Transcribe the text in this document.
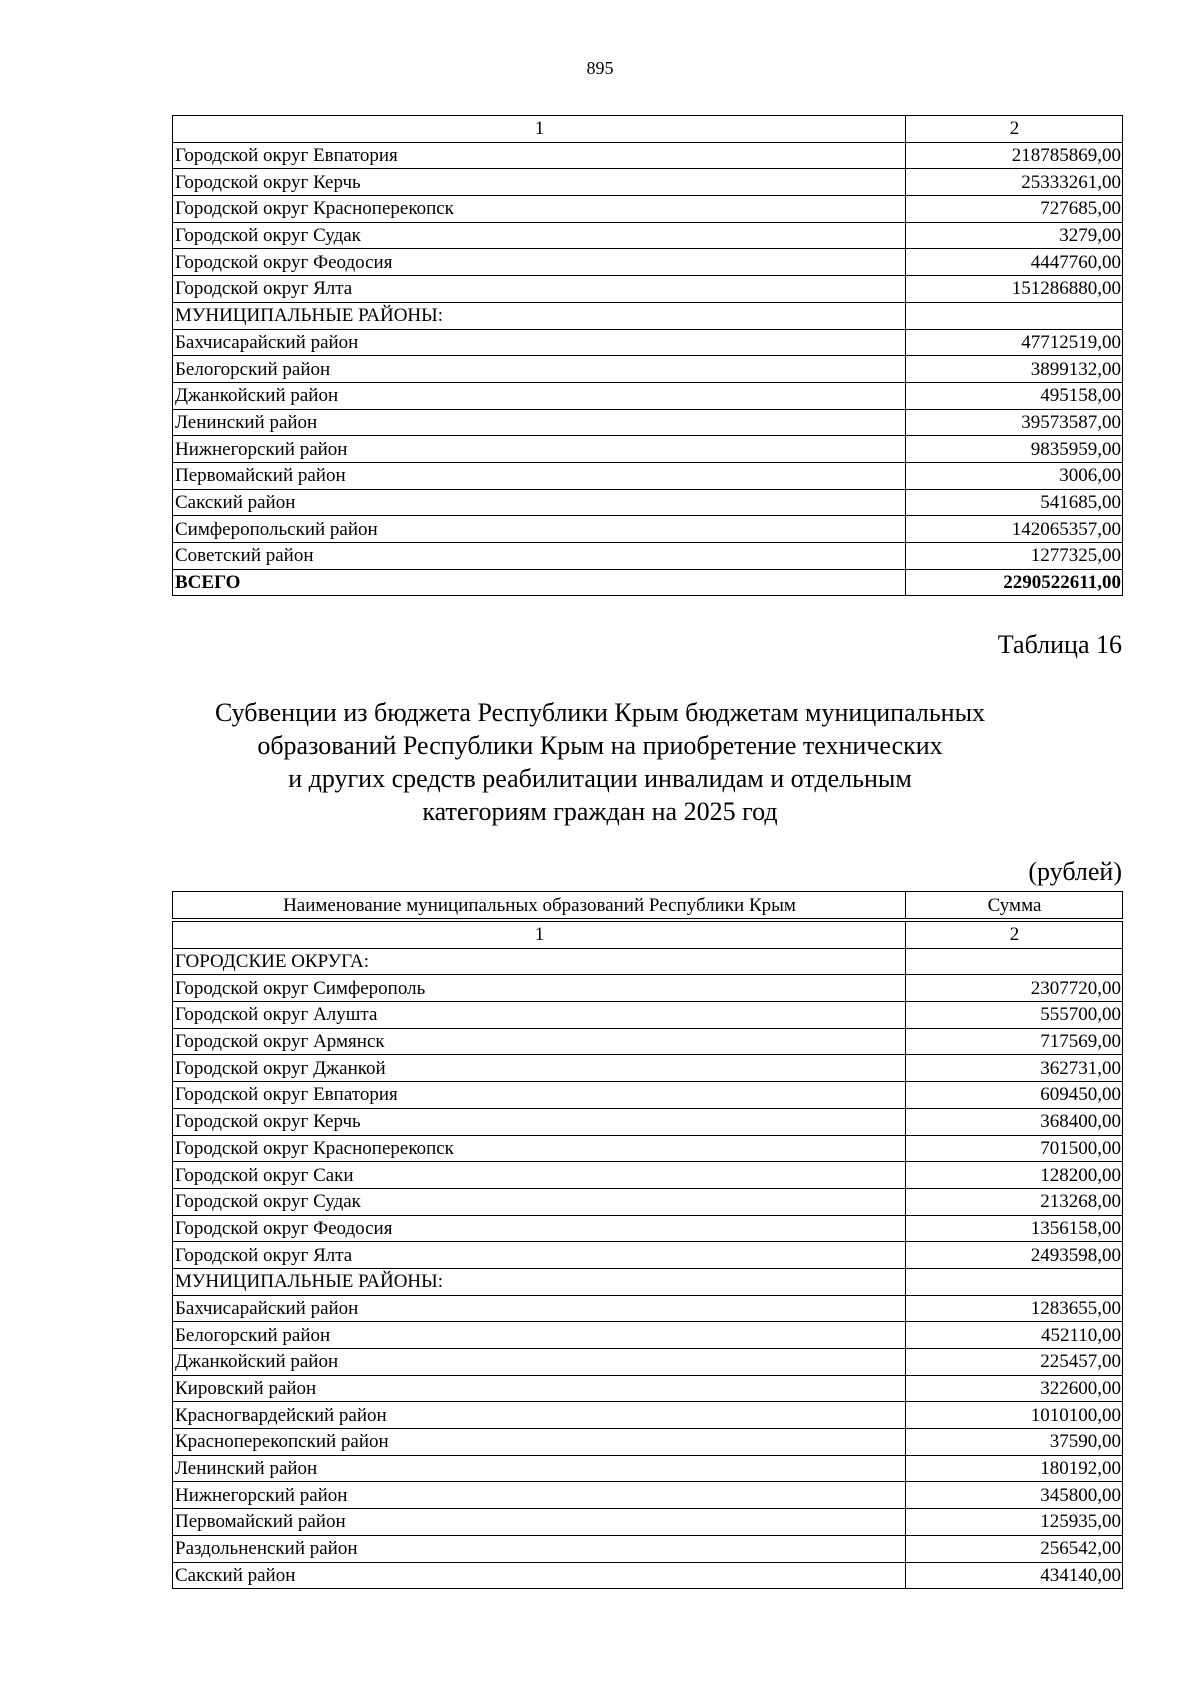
895
1	2
Городской округ Евпатория	218785869,00
Городской округ Керчь	25333261,00
Городской округ Красноперекопск	727685,00
Городской округ Судак	3279,00
Городской округ Феодосия	4447760,00
Городской округ Ялта	151286880,00
МУНИЦИПАЛЬНЫЕ РАЙОНЫ:	
Бахчисарайский район	47712519,00
Белогорский район	3899132,00
Джанкойский район	495158,00
Ленинский район	39573587,00
Нижнегорский район	9835959,00
Первомайский район	3006,00
Сакский район	541685,00
Симферопольский район	142065357,00
Советский район	1277325,00
ВСЕГО	2290522611,00
Таблица 16
Субвенции из бюджета Республики Крым бюджетам муниципальных
образований Республики Крым на приобретение технических
и других средств реабилитации инвалидам и отдельным
категориям граждан на 2025 год
(рублей)
Наименование муниципальных образований Республики Крым	Сумма
1	2
ГОРОДСКИЕ ОКРУГА:	
Городской округ Симферополь	2307720,00
Городской округ Алушта	555700,00
Городской округ Армянск	717569,00
Городской округ Джанкой	362731,00
Городской округ Евпатория	609450,00
Городской округ Керчь	368400,00
Городской округ Красноперекопск	701500,00
Городской округ Саки	128200,00
Городской округ Судак	213268,00
Городской округ Феодосия	1356158,00
Городской округ Ялта	2493598,00
МУНИЦИПАЛЬНЫЕ РАЙОНЫ:	
Бахчисарайский район	1283655,00
Белогорский район	452110,00
Джанкойский район	225457,00
Кировский район	322600,00
Красногвардейский район	1010100,00
Красноперекопский район	37590,00
Ленинский район	180192,00
Нижнегорский район	345800,00
Первомайский район	125935,00
Раздольненский район	256542,00
Сакский район	434140,00
